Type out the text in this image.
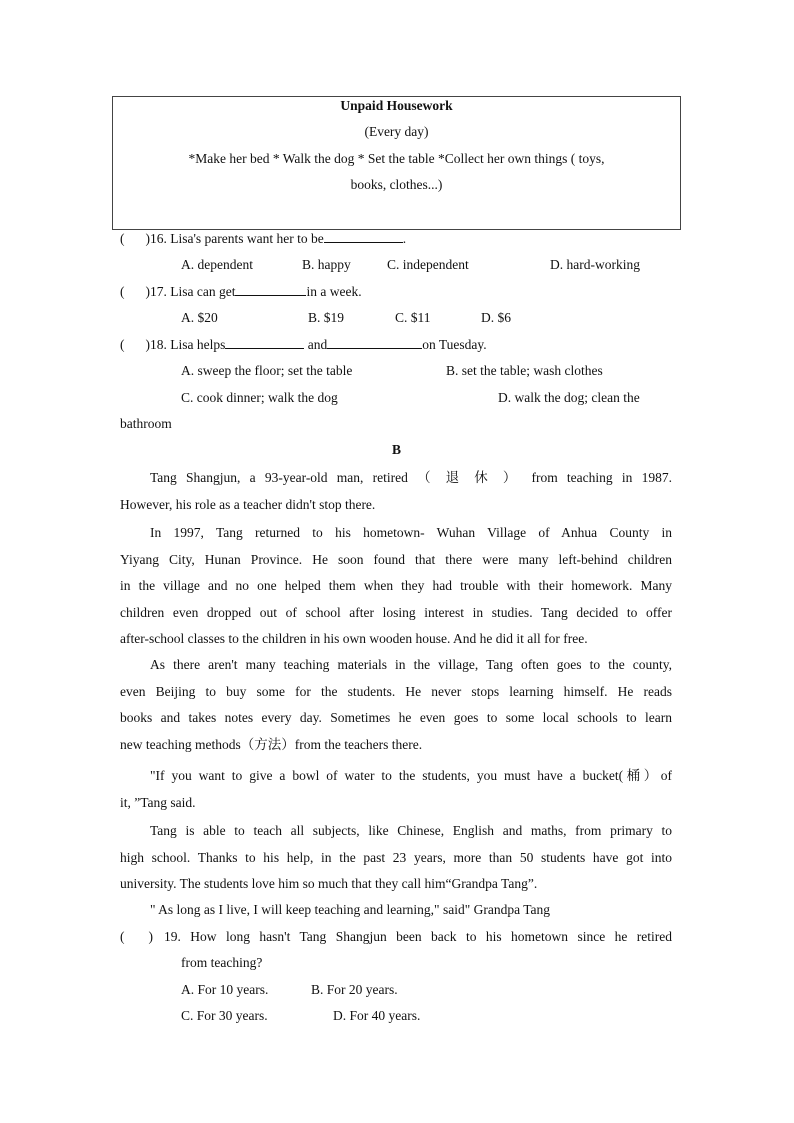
Unpaid Housework
(Every day)
*Make her bed * Walk the dog * Set the table *Collect her own things ( toys,
books, clothes...)
( )16. Lisa's parents want her to be	.
A. dependent	B. happy	C. independent	D. hard-working
( )17. Lisa can get	in a week.
A. $20	B. $19	C. $11	D. $6
( )18. Lisa helps	and	on Tuesday.
A. sweep the floor; set the table	B. set the table; wash clothes
C. cook dinner; walk the dog	D. walk the dog; clean the
bathroom
B
Tang Shangjun, a 93-year-old man, retired （ 退 休 ） from teaching in 1987.
However, his role as a teacher didn't stop there.
In 1997, Tang returned to his hometown- Wuhan Village of Anhua County in
Yiyang City, Hunan Province. He soon found that there were many left-behind children
in the village and no one helped them when they had trouble with their homework. Many
children even dropped out of school after losing interest in studies. Tang decided to offer
after-school classes to the children in his own wooden house. And he did it all for free.
As there aren't many teaching materials in the village, Tang often goes to the county,
even Beijing to buy some for the students. He never stops learning himself. He reads
books and takes notes every day. Sometimes he even goes to some local schools to learn
new teaching methods（方法）from the teachers there.
"If you want to give a bowl of water to the students, you must have a bucket(桶）of
it, ”Tang said.
Tang is able to teach all subjects, like Chinese, English and maths, from primary to
high school. Thanks to his help, in the past 23 years, more than 50 students have got into
university. The students love him so much that they call him“Grandpa Tang”.
" As long as I live, I will keep teaching and learning," said" Grandpa Tang
( ) 19. How long hasn't Tang Shangjun been back to his hometown since he retired
from teaching?
A. For 10 years.	B. For 20 years.
C. For 30 years.	D. For 40 years.
